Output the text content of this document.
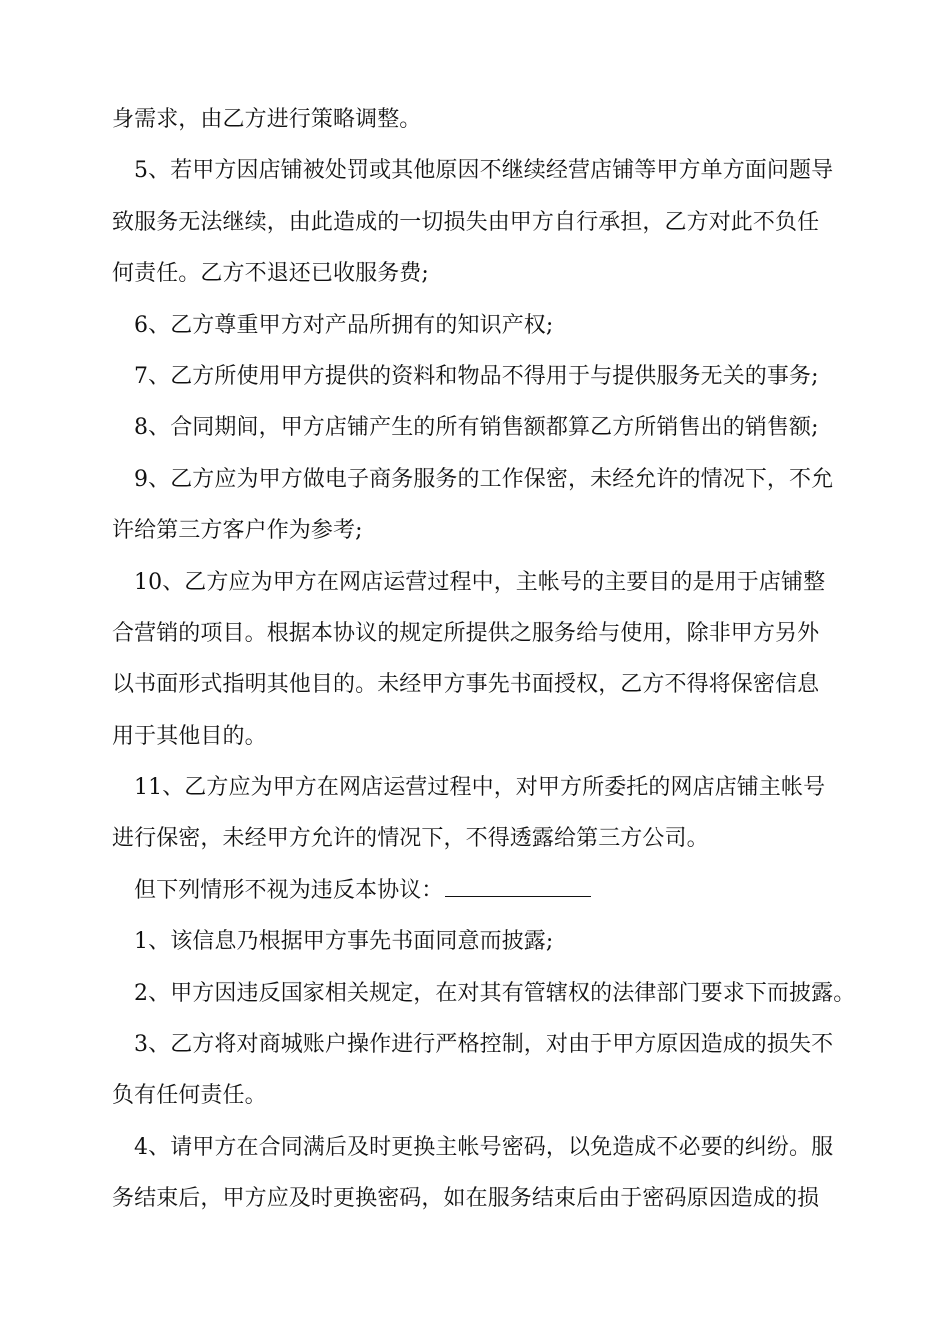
身需求，由乙方进行策略调整。
5、若甲方因店铺被处罚或其他原因不继续经营店铺等甲方单方面问题导
致服务无法继续，由此造成的一切损失由甲方自行承担，乙方对此不负任
何责任。乙方不退还已收服务费;
6、乙方尊重甲方对产品所拥有的知识产权;
7、乙方所使用甲方提供的资料和物品不得用于与提供服务无关的事务;
8、合同期间，甲方店铺产生的所有销售额都算乙方所销售出的销售额;
9、乙方应为甲方做电子商务服务的工作保密，未经允许的情况下，不允
许给第三方客户作为参考;
10、乙方应为甲方在网店运营过程中，主帐号的主要目的是用于店铺整
合营销的项目。根据本协议的规定所提供之服务给与使用，除非甲方另外
以书面形式指明其他目的。未经甲方事先书面授权，乙方不得将保密信息
用于其他目的。
11、乙方应为甲方在网店运营过程中，对甲方所委托的网店店铺主帐号
进行保密，未经甲方允许的情况下，不得透露给第三方公司。
但下列情形不视为违反本协议：
1、该信息乃根据甲方事先书面同意而披露;
2、甲方因违反国家相关规定，在对其有管辖权的法律部门要求下而披露。
3、乙方将对商城账户操作进行严格控制，对由于甲方原因造成的损失不
负有任何责任。
4、请甲方在合同满后及时更换主帐号密码，以免造成不必要的纠纷。服
务结束后，甲方应及时更换密码，如在服务结束后由于密码原因造成的损
